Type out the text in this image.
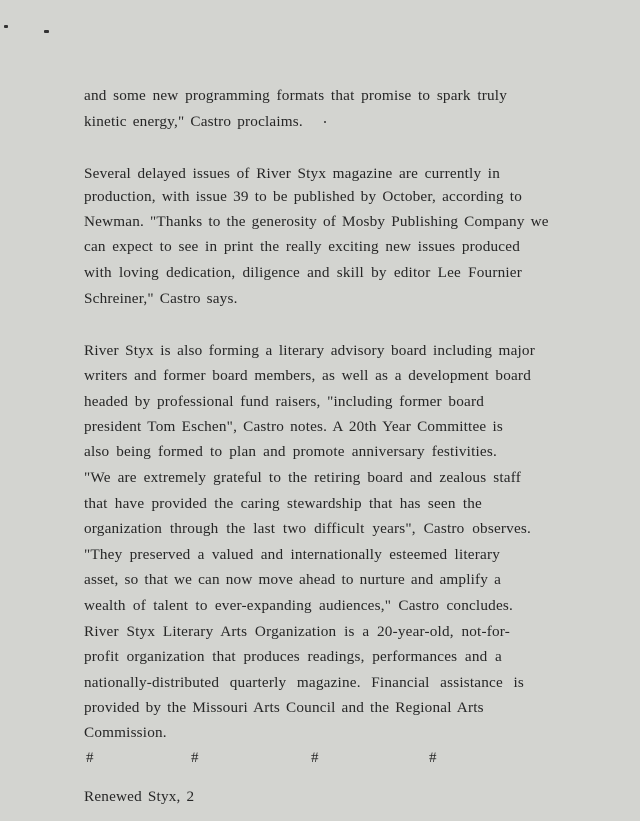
and some new programming formats that promise to spark truly
kinetic energy," Castro proclaims.
Several delayed issues of River Styx magazine are currently in
production, with issue 39 to be published by October, according to
Newman. "Thanks to the generosity of Mosby Publishing Company we
can expect to see in print the really exciting new issues produced
with loving dedication, diligence and skill by editor Lee Fournier
Schreiner," Castro says.
River Styx is also forming a literary advisory board including major
writers and former board members, as well as a development board
headed by professional fund raisers, "including former board
president Tom Eschen", Castro notes. A 20th Year Committee is
also being formed to plan and promote anniversary festivities.
"We are extremely grateful to the retiring board and zealous staff
that have provided the caring stewardship that has seen the
organization through the last two difficult years", Castro observes.
"They preserved a valued and internationally esteemed literary
asset, so that we can now move ahead to nurture and amplify a
wealth of talent to ever-expanding audiences," Castro concludes.
River Styx Literary Arts Organization is a 20-year-old, not-for-
profit organization that produces readings, performances and a
nationally-distributed quarterly magazine. Financial assistance is
provided by the Missouri Arts Council and the Regional Arts
Commission.
#	#	#	#
Renewed Styx, 2
